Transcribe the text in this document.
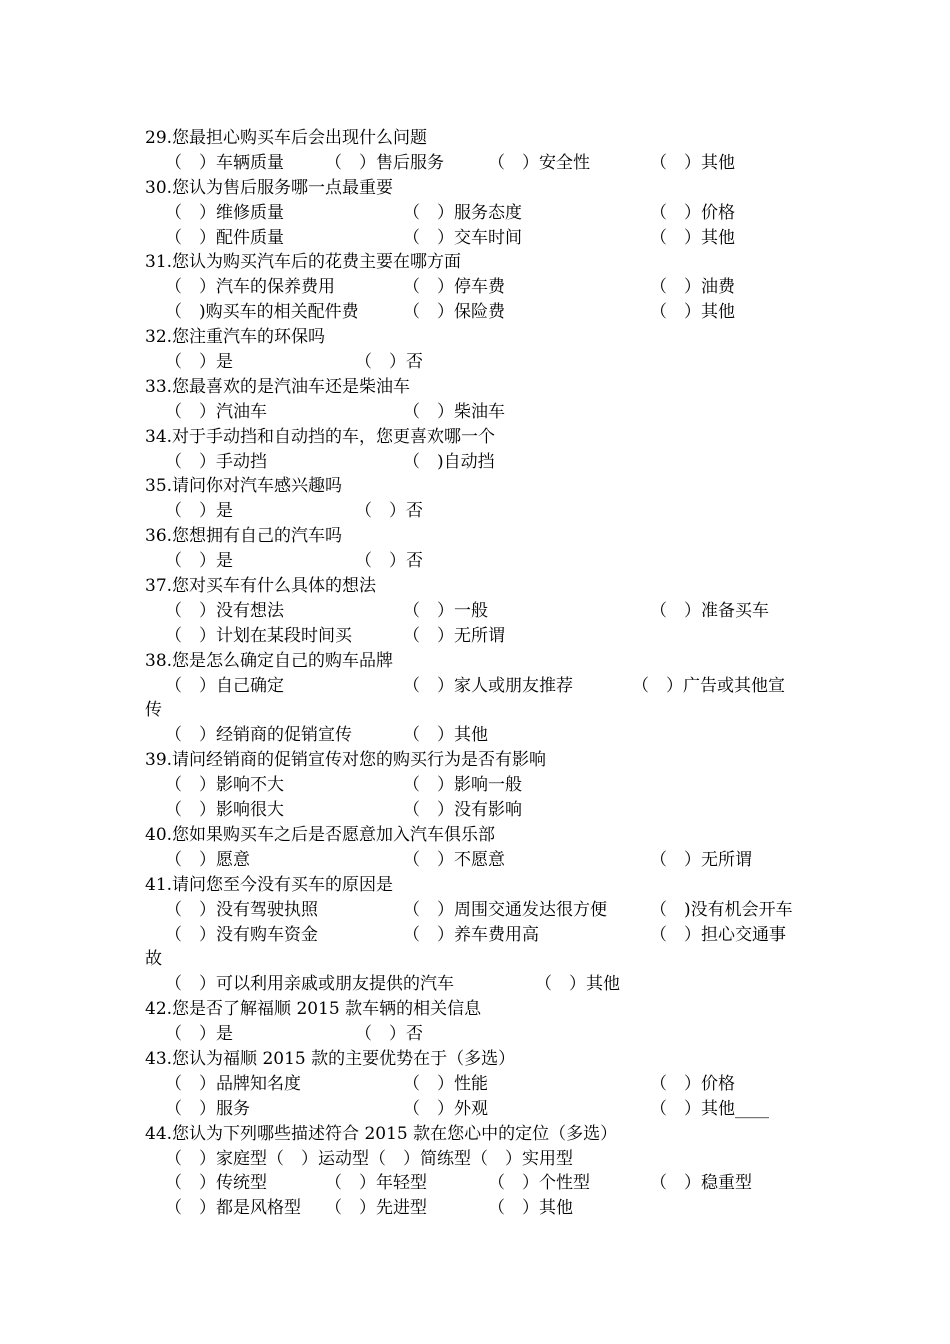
29.您最担心购买车后会出现什么问题
（　）车辆质量 （　）售后服务	（　）安全性	（　）其他
30.您认为售后服务哪一点最重要
（　）维修质量	（　）服务态度	（　）价格
（　）配件质量	（　）交车时间	（　）其他
31.您认为购买汽车后的花费主要在哪方面
（　）汽车的保养费用	（　）停车费	（　）油费
（　)购买车的相关配件费	（　）保险费	（　）其他
32.您注重汽车的环保吗
（　）是	（　）否
33.您最喜欢的是汽油车还是柴油车
（　）汽油车	（　）柴油车
34.对于手动挡和自动挡的车，您更喜欢哪一个
（　）手动挡	（　)自动挡
35.请问你对汽车感兴趣吗
（　）是	（　）否
36.您想拥有自己的汽车吗
（　）是	（　）否
37.您对买车有什么具体的想法
（　）没有想法	（　）一般	（　）准备买车
（　）计划在某段时间买	（　）无所谓
38.您是怎么确定自己的购车品牌
（　）自己确定	（　）家人或朋友推荐	（　）广告或其他宣
传
（　）经销商的促销宣传	（　）其他
39.请问经销商的促销宣传对您的购买行为是否有影响
（　）影响不大	（　）影响一般
（　）影响很大	（　）没有影响
40.您如果购买车之后是否愿意加入汽车俱乐部
（　）愿意	（　）不愿意	（　）无所谓
41.请问您至今没有买车的原因是
（　）没有驾驶执照	（　）周围交通发达很方便	（　)没有机会开车
（　）没有购车资金	（　）养车费用高	（　）担心交通事
故
（　）可以利用亲戚或朋友提供的汽车	（　）其他
42.您是否了解福顺 2015 款车辆的相关信息
（　）是	（　）否
43.您认为福顺 2015 款的主要优势在于（多选）
（　）品牌知名度	（　）性能	（　）价格
（　）服务	（　）外观	（　）其他____
44.您认为下列哪些描述符合 2015 款在您心中的定位（多选）
（　）家庭型（　）运动型（　）简练型（　）实用型
（　）传统型	（　）年轻型	（　）个性型	（　）稳重型
（　）都是风格型 （　）先进型	（　）其他
